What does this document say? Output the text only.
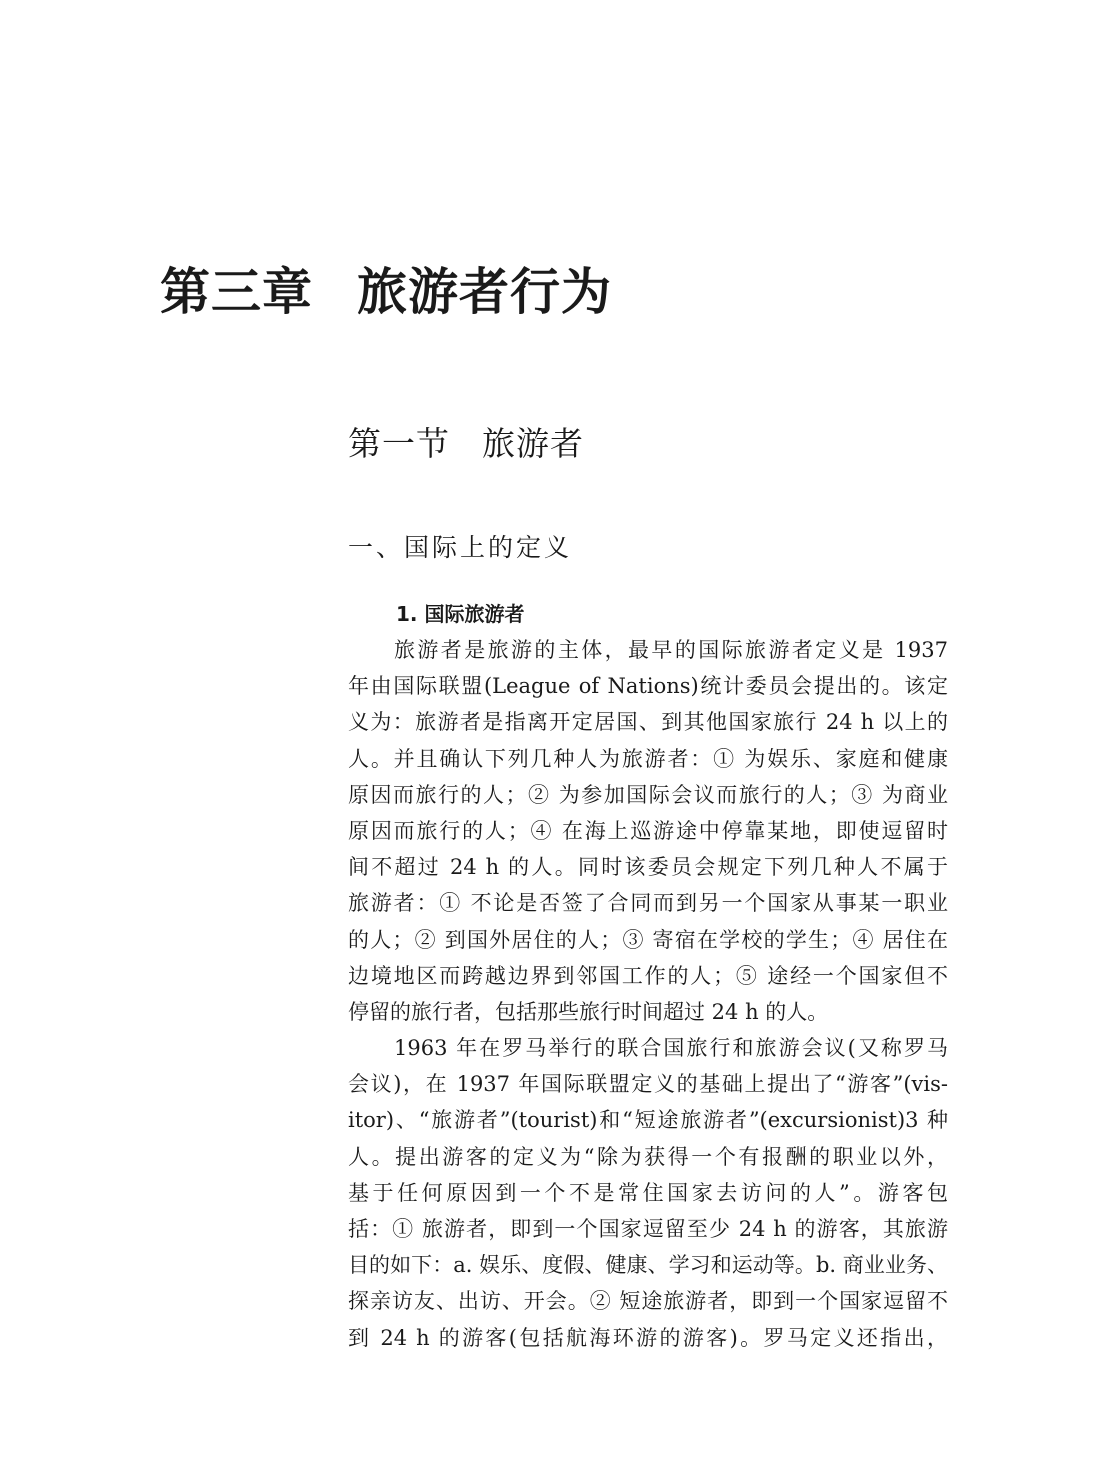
第三章 旅游者行为
第一节 旅游者
一、国际上的定义
1. 国际旅游者
旅游者是旅游的主体，最早的国际旅游者定义是 1937
年由国际联盟(League of Nations)统计委员会提出的。该定
义为：旅游者是指离开定居国、到其他国家旅行 24 h 以上的
人。并且确认下列几种人为旅游者：① 为娱乐、家庭和健康
原因而旅行的人；② 为参加国际会议而旅行的人；③ 为商业
原因而旅行的人；④ 在海上巡游途中停靠某地，即使逗留时
间不超过 24 h 的人。同时该委员会规定下列几种人不属于
旅游者：① 不论是否签了合同而到另一个国家从事某一职业
的人；② 到国外居住的人；③ 寄宿在学校的学生；④ 居住在
边境地区而跨越边界到邻国工作的人；⑤ 途经一个国家但不
停留的旅行者，包括那些旅行时间超过 24 h 的人。
1963 年在罗马举行的联合国旅行和旅游会议(又称罗马
会议)，在 1937 年国际联盟定义的基础上提出了“游客”(vis-
itor)、“旅游者”(tourist)和“短途旅游者”(excursionist)3 种
人。提出游客的定义为“除为获得一个有报酬的职业以外，
基于任何原因到一个不是常住国家去访问的人”。游客包
括：① 旅游者，即到一个国家逗留至少 24 h 的游客，其旅游
目的如下：a. 娱乐、度假、健康、学习和运动等。b. 商业业务、
探亲访友、出访、开会。② 短途旅游者，即到一个国家逗留不
到 24 h 的游客(包括航海环游的游客)。罗马定义还指出，
